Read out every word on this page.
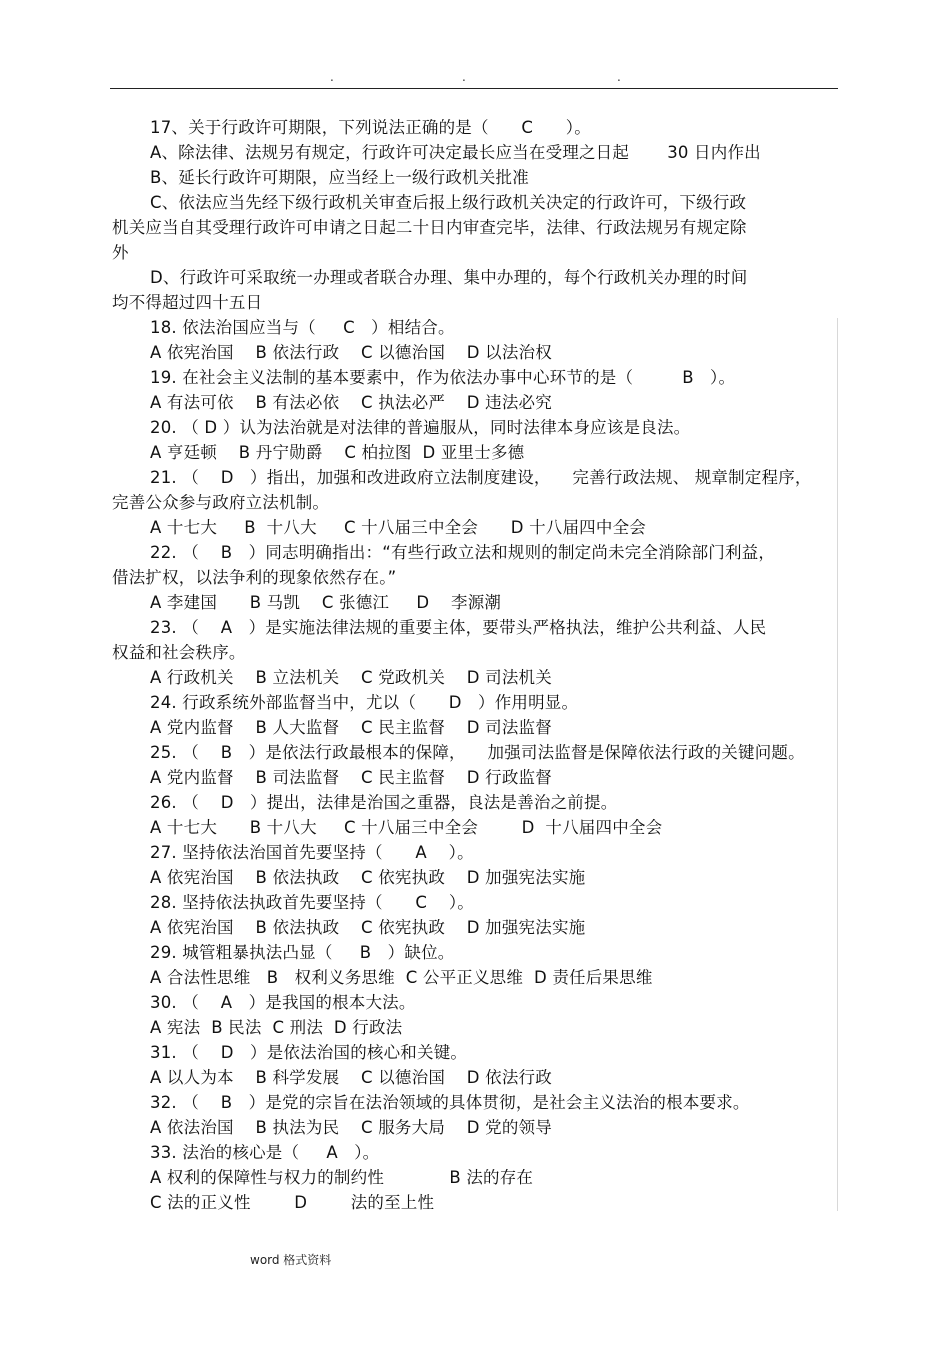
.	.	.
17、关于行政许可期限，下列说法正确的是（      C      ）。
A、除法律、法规另有规定，行政许可决定最长应当在受理之日起       30 日内作出
B、延长行政许可期限，应当经上一级行政机关批准
C、依法应当先经下级行政机关审查后报上级行政机关决定的行政许可，下级行政
机关应当自其受理行政许可申请之日起二十日内审查完毕，法律、行政法规另有规定除
外
D、行政许可采取统一办理或者联合办理、集中办理的，每个行政机关办理的时间
均不得超过四十五日
18. 依法治国应当与（     C   ）相结合。
A 依宪治国    B 依法行政    C 以德治国    D 以法治权
19. 在社会主义法制的基本要素中，作为依法办事中心环节的是（         B   ）。
A 有法可依    B 有法必依    C 执法必严    D 违法必究
20. （ D ）认为法治就是对法律的普遍服从，同时法律本身应该是良法。
A 亨廷顿    B 丹宁勋爵    C 柏拉图  D 亚里士多德
21. （    D   ）指出，加强和改进政府立法制度建设，    完善行政法规、 规章制定程序，
完善公众参与政府立法机制。
A 十七大     B  十八大     C 十八届三中全会      D 十八届四中全会
22. （    B   ）同志明确指出：“有些行政立法和规则的制定尚未完全消除部门利益，
借法扩权，以法争利的现象依然存在。”
A 李建国      B 马凯    C 张德江     D    李源潮
23. （    A   ）是实施法律法规的重要主体，要带头严格执法，维护公共利益、人民
权益和社会秩序。
A 行政机关    B 立法机关    C 党政机关    D 司法机关
24. 行政系统外部监督当中，尤以（      D   ）作用明显。
A 党内监督    B 人大监督    C 民主监督    D 司法监督
25. （    B   ）是依法行政最根本的保障，    加强司法监督是保障依法行政的关键问题。
A 党内监督    B 司法监督    C 民主监督    D 行政监督
26. （    D   ）提出，法律是治国之重器，良法是善治之前提。
A 十七大      B 十八大     C 十八届三中全会        D  十八届四中全会
27. 坚持依法治国首先要坚持（      A    ）。
A 依宪治国    B 依法执政    C 依宪执政    D 加强宪法实施
28. 坚持依法执政首先要坚持（      C    ）。
A 依宪治国    B 依法执政    C 依宪执政    D 加强宪法实施
29. 城管粗暴执法凸显（     B   ）缺位。
A 合法性思维   B   权利义务思维  C 公平正义思维  D 责任后果思维
30. （    A   ）是我国的根本大法。
A 宪法  B 民法  C 刑法  D 行政法
31. （    D   ）是依法治国的核心和关键。
A 以人为本    B 科学发展    C 以德治国    D 依法行政
32. （    B   ）是党的宗旨在法治领域的具体贯彻，是社会主义法治的根本要求。
A 依法治国    B 执法为民    C 服务大局    D 党的领导
33. 法治的核心是（     A   ）。
A 权利的保障性与权力的制约性            B 法的存在
C 法的正义性        D        法的至上性
word 格式资料
